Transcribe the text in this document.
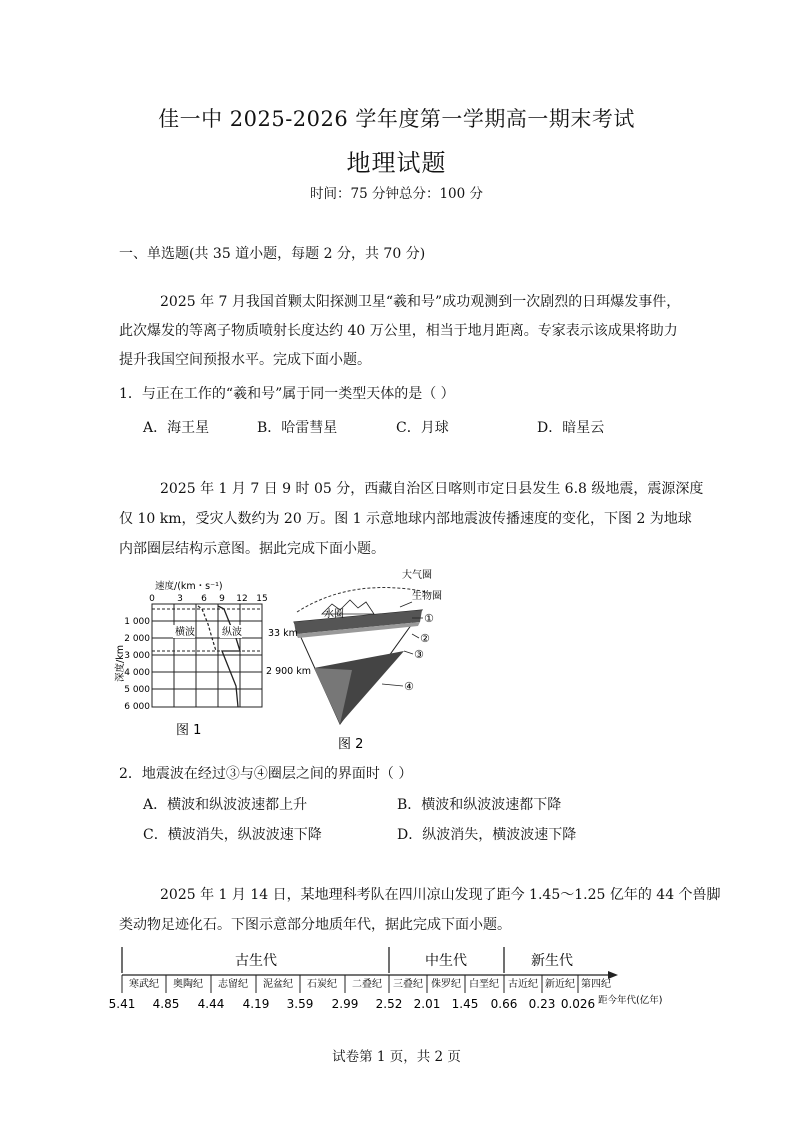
佳一中 2025-2026 学年度第一学期高一期末考试
地理试题
时间：75 分钟总分：100 分
一、单选题(共 35 道小题，每题 2 分，共 70 分)
2025 年 7 月我国首颗太阳探测卫星“羲和号”成功观测到一次剧烈的日珥爆发事件，
此次爆发的等离子物质喷射长度达约 40 万公里，相当于地月距离。专家表示该成果将助力
提升我国空间预报水平。完成下面小题。
1．与正在工作的“羲和号”属于同一类型天体的是（ ）
A．海王星	B．哈雷彗星	C．月球	D．暗星云
2025 年 1 月 7 日 9 时 05 分，西藏自治区日喀则市定日县发生 6.8 级地震，震源深度
仅 10 km，受灾人数约为 20 万。图 1 示意地球内部地震波传播速度的变化，下图 2 为地球
内部圈层结构示意图。据此完成下面小题。
速度/(km・s⁻¹)
0 3 6 9 12 15
横波	纵波
1 000
2 000
3 000
4 000
5 000
6 000
深度/km
图 1
大气圈
生物圈
水圈	①
②
③
④
33 km
2 900 km
图 2
2．地震波在经过③与④圈层之间的界面时（ ）
A．横波和纵波波速都上升	B．横波和纵波波速都下降
C．横波消失，纵波波速下降	D．纵波消失，横波波速下降
2025 年 1 月 14 日，某地理科考队在四川凉山发现了距今 1.45～1.25 亿年的 44 个兽脚
类动物足迹化石。下图示意部分地质年代，据此完成下面小题。
古生代	中生代	新生代
寒武纪 奥陶纪 志留纪 泥盆纪 石炭纪 二叠纪 三叠纪 侏罗纪 白垩纪 古近纪 新近纪 第四纪
5.41 4.85 4.44 4.19 3.59 2.99 2.52 2.01 1.45 0.66 0.23 0.026 距今年代(亿年)
试卷第 1 页，共 2 页
